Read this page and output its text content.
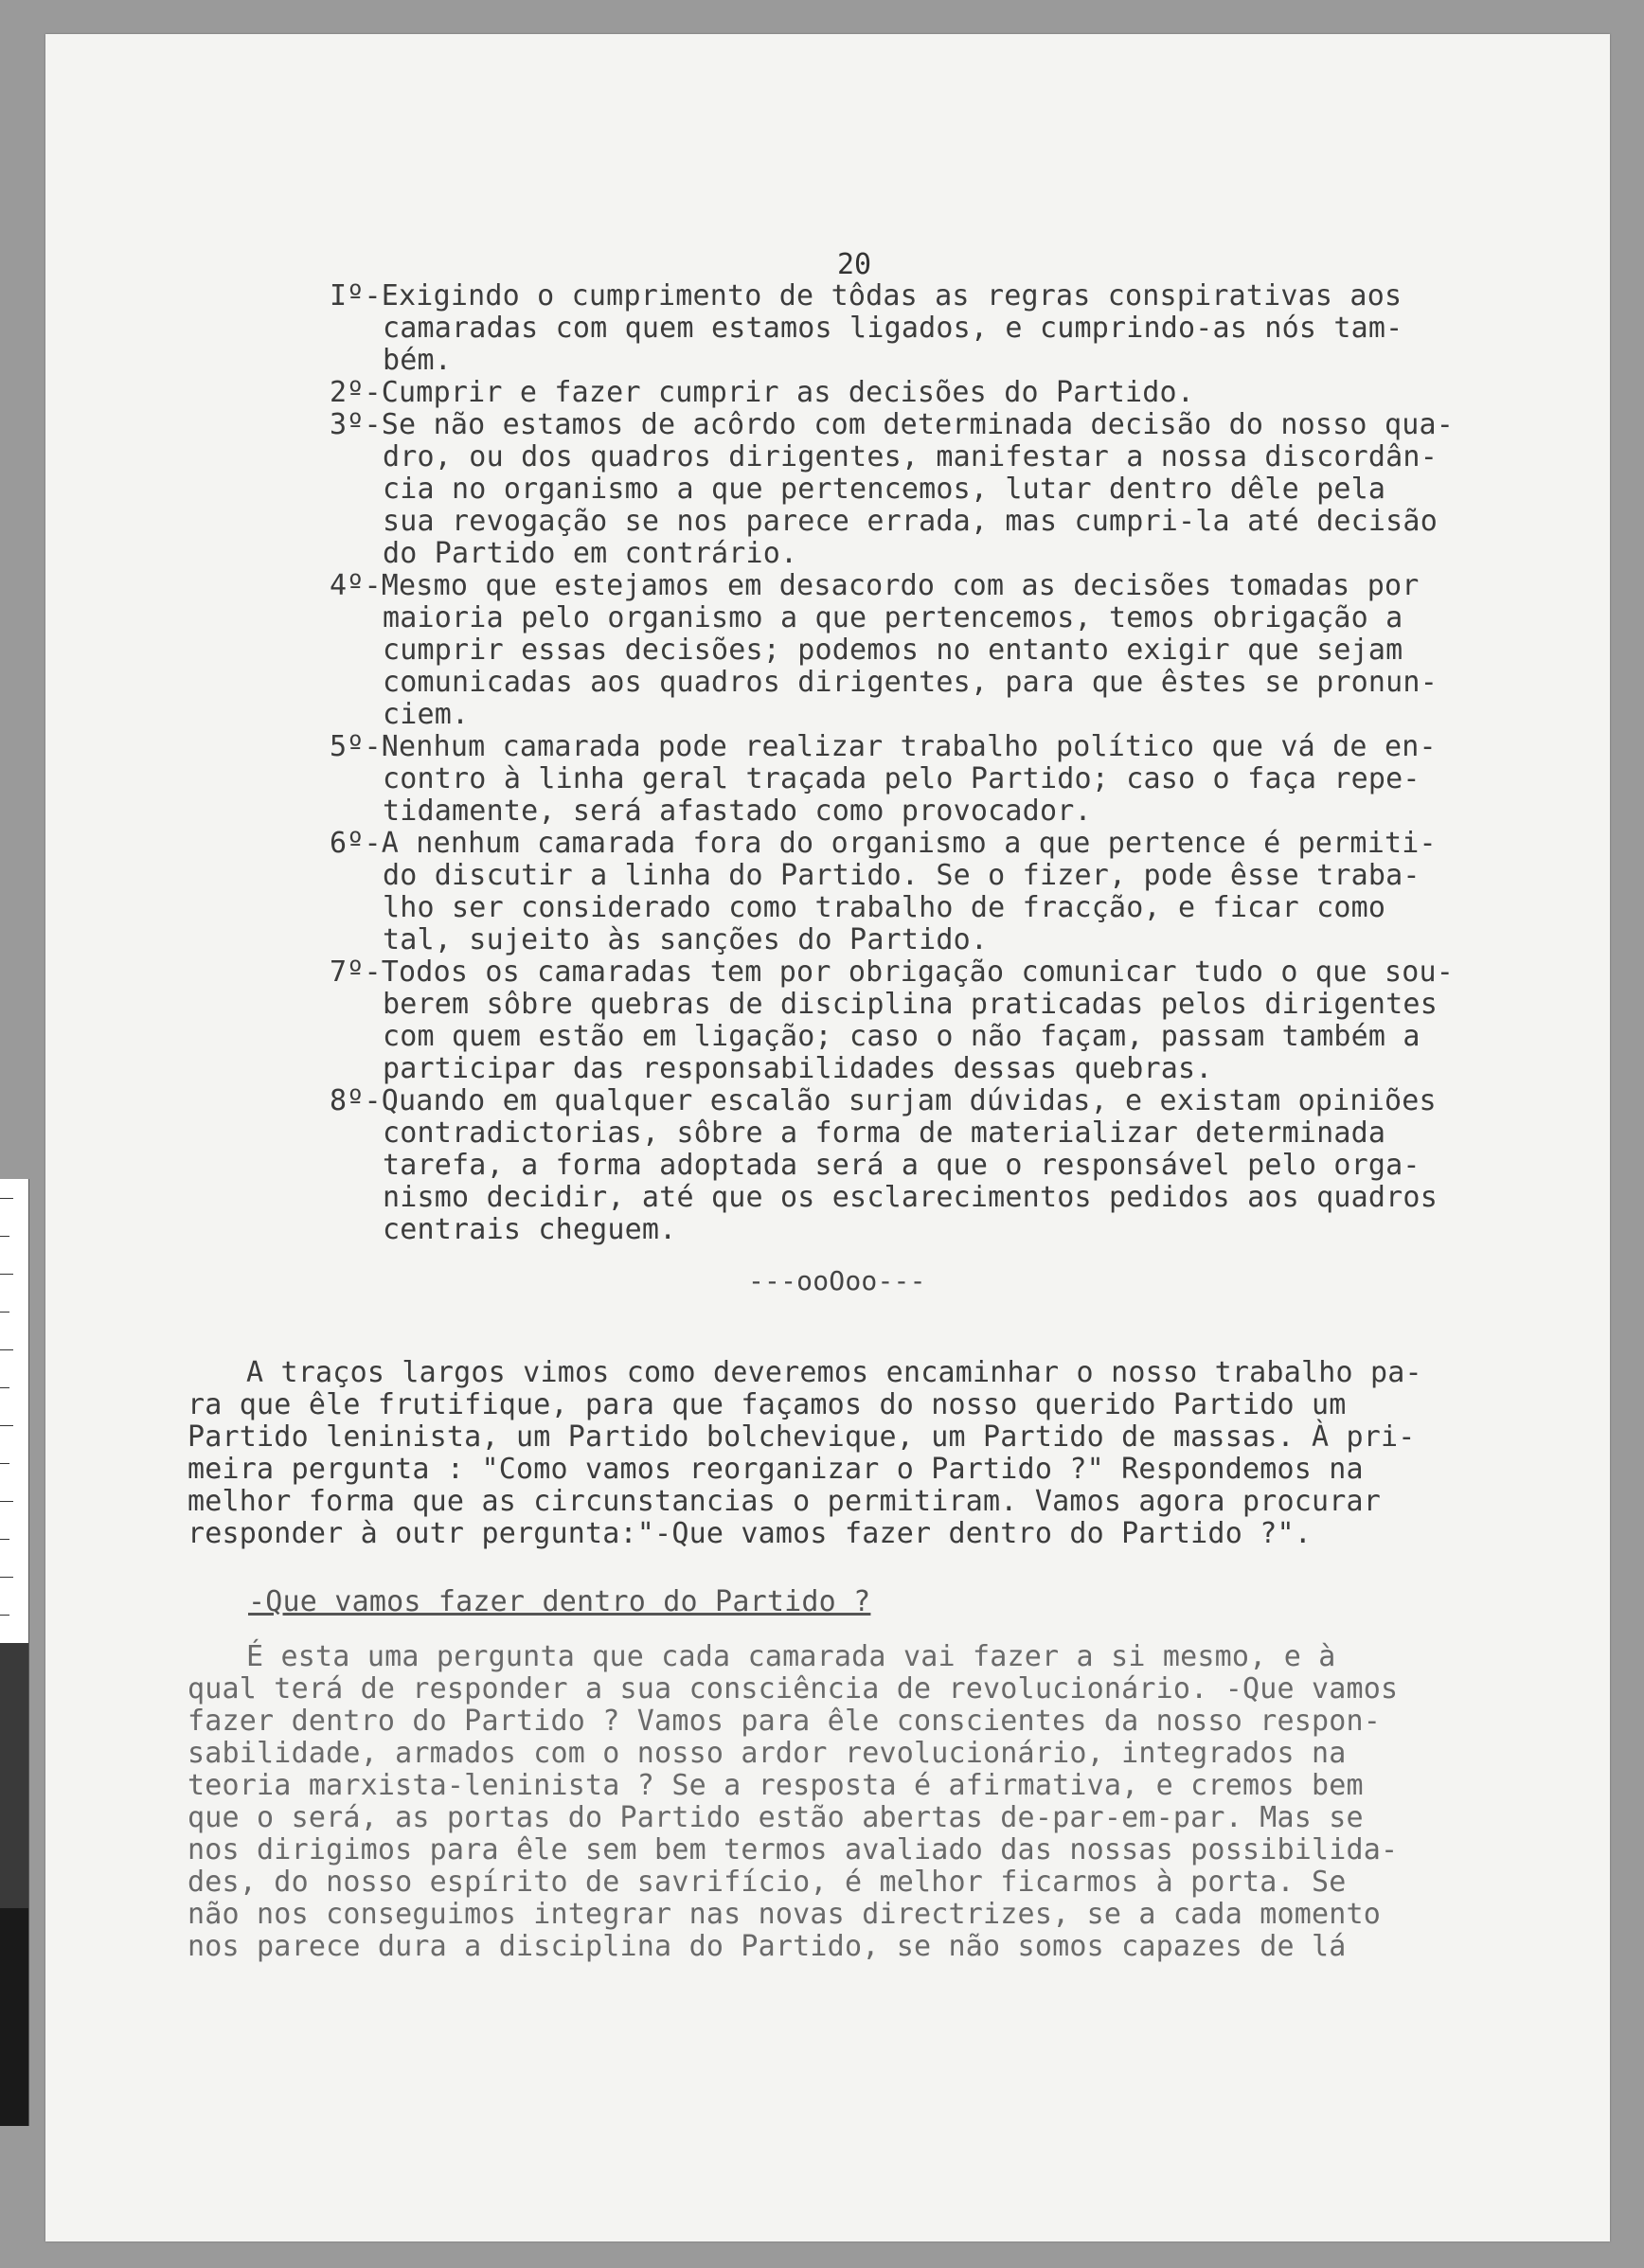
20
Iº-Exigindo o cumprimento de tôdas as regras conspirativas aos
camaradas com quem estamos ligados, e cumprindo-as nós tam-
bém.
2º-Cumprir e fazer cumprir as decisões do Partido.
3º-Se não estamos de acôrdo com determinada decisão do nosso qua-
dro, ou dos quadros dirigentes, manifestar a nossa discordân-
cia no organismo a que pertencemos, lutar dentro dêle pela
sua revogação se nos parece errada, mas cumpri-la até decisão
do Partido em contrário.
4º-Mesmo que estejamos em desacordo com as decisões tomadas por
maioria pelo organismo a que pertencemos, temos obrigação a
cumprir essas decisões; podemos no entanto exigir que sejam
comunicadas aos quadros dirigentes, para que êstes se pronun-
ciem.
5º-Nenhum camarada pode realizar trabalho político que vá de en-
contro à linha geral traçada pelo Partido; caso o faça repe-
tidamente, será afastado como provocador.
6º-A nenhum camarada fora do organismo a que pertence é permiti-
do discutir a linha do Partido. Se o fizer, pode êsse traba-
lho ser considerado como trabalho de fracção, e ficar como
tal, sujeito às sanções do Partido.
7º-Todos os camaradas tem por obrigação comunicar tudo o que sou-
berem sôbre quebras de disciplina praticadas pelos dirigentes
com quem estão em ligação; caso o não façam, passam também a
participar das responsabilidades dessas quebras.
8º-Quando em qualquer escalão surjam dúvidas, e existam opiniões
contradictorias, sôbre a forma de materializar determinada
tarefa, a forma adoptada será a que o responsável pelo orga-
nismo decidir, até que os esclarecimentos pedidos aos quadros
centrais cheguem.
---ooOoo---
A traços largos vimos como deveremos encaminhar o nosso trabalho pa-
ra que êle frutifique, para que façamos do nosso querido Partido um
Partido leninista, um Partido bolchevique, um Partido de massas. À pri-
meira pergunta : "Como vamos reorganizar o Partido ?" Respondemos na
melhor forma que as circunstancias o permitiram. Vamos agora procurar
responder à outr pergunta:"-Que vamos fazer dentro do Partido ?".
-Que vamos fazer dentro do Partido ?
É esta uma pergunta que cada camarada vai fazer a si mesmo, e à
qual terá de responder a sua consciência de revolucionário. -Que vamos
fazer dentro do Partido ? Vamos para êle conscientes da nosso respon-
sabilidade, armados com o nosso ardor revolucionário, integrados na
teoria marxista-leninista ? Se a resposta é afirmativa, e cremos bem
que o será, as portas do Partido estão abertas de-par-em-par. Mas se
nos dirigimos para êle sem bem termos avaliado das nossas possibilida-
des, do nosso espírito de savrifício, é melhor ficarmos à porta. Se
não nos conseguimos integrar nas novas directrizes, se a cada momento
nos parece dura a disciplina do Partido, se não somos capazes de lá
